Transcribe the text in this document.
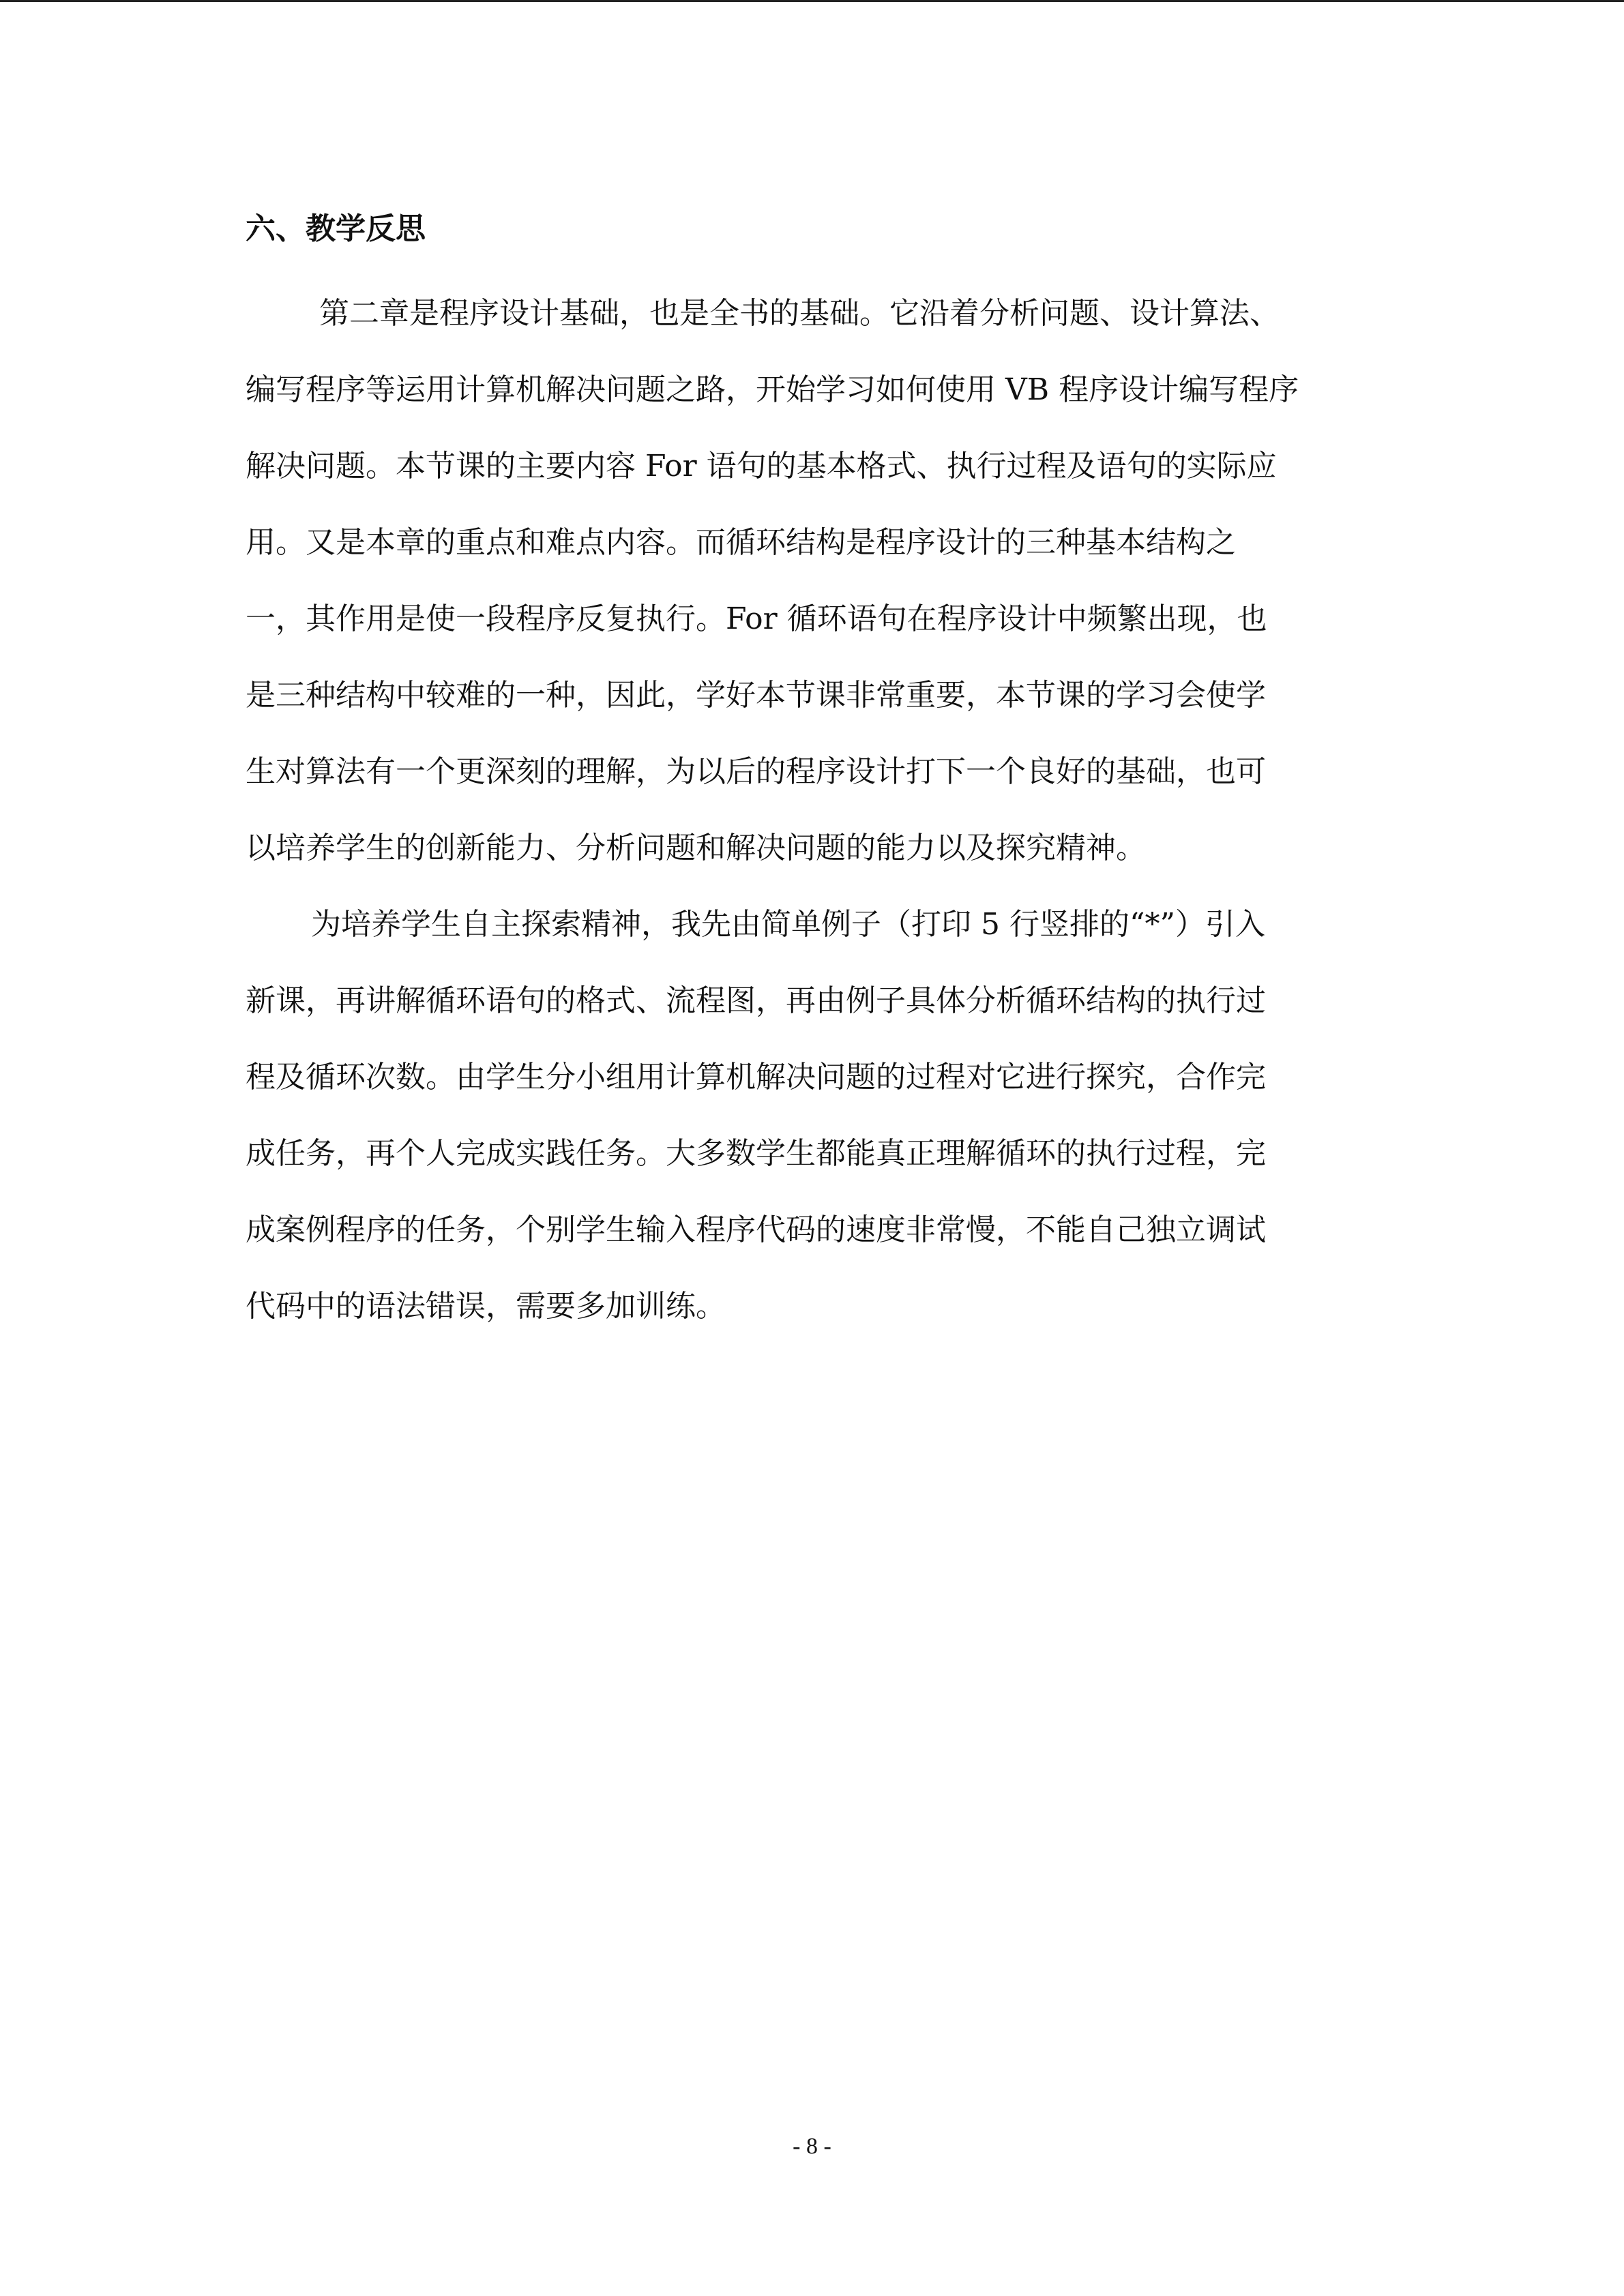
六、教学反思
第二章是程序设计基础，也是全书的基础。它沿着分析问题、设计算法、
编写程序等运用计算机解决问题之路，开始学习如何使用 VB 程序设计编写程序
解决问题。本节课的主要内容 For 语句的基本格式、执行过程及语句的实际应
用。又是本章的重点和难点内容。而循环结构是程序设计的三种基本结构之
一，其作用是使一段程序反复执行。For 循环语句在程序设计中频繁出现，也
是三种结构中较难的一种，因此，学好本节课非常重要，本节课的学习会使学
生对算法有一个更深刻的理解，为以后的程序设计打下一个良好的基础，也可
以培养学生的创新能力、分析问题和解决问题的能力以及探究精神。
为培养学生自主探索精神，我先由简单例子（打印 5 行竖排的“*”）引入
新课，再讲解循环语句的格式、流程图，再由例子具体分析循环结构的执行过
程及循环次数。由学生分小组用计算机解决问题的过程对它进行探究，合作完
成任务，再个人完成实践任务。大多数学生都能真正理解循环的执行过程，完
成案例程序的任务，个别学生输入程序代码的速度非常慢，不能自己独立调试
代码中的语法错误，需要多加训练。
- 8 -
